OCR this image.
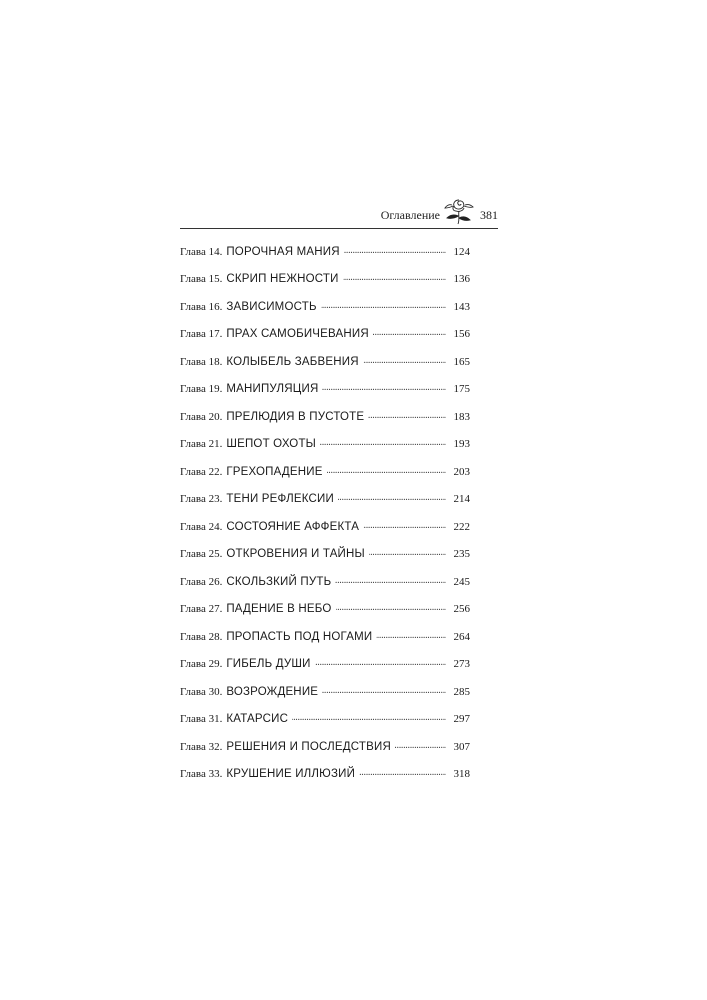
Оглавление	381
Глава 14. ПОРОЧНАЯ МАНИЯ . . .	124
Глава 15. СКРИП НЕЖНОСТИ . . .	136
Глава 16. ЗАВИСИМОСТЬ . . .	143
Глава 17. ПРАХ САМОБИЧЕВАНИЯ . . .	156
Глава 18. КОЛЫБЕЛЬ ЗАБВЕНИЯ . . .	165
Глава 19. МАНИПУЛЯЦИЯ . . .	175
Глава 20. ПРЕЛЮДИЯ В ПУСТОТЕ . . .	183
Глава 21. ШЕПОТ ОХОТЫ . . .	193
Глава 22. ГРЕХОПАДЕНИЕ . . .	203
Глава 23. ТЕНИ РЕФЛЕКСИИ . . .	214
Глава 24. СОСТОЯНИЕ АФФЕКТА . . .	222
Глава 25. ОТКРОВЕНИЯ И ТАЙНЫ . . .	235
Глава 26. СКОЛЬЗКИЙ ПУТЬ . . .	245
Глава 27. ПАДЕНИЕ В НЕБО . . .	256
Глава 28. ПРОПАСТЬ ПОД НОГАМИ . . .	264
Глава 29. ГИБЕЛЬ ДУШИ . . .	273
Глава 30. ВОЗРОЖДЕНИЕ . . .	285
Глава 31. КАТАРСИС . . .	297
Глава 32. РЕШЕНИЯ И ПОСЛЕДСТВИЯ . . .	307
Глава 33. КРУШЕНИЕ ИЛЛЮЗИЙ . . .	318
